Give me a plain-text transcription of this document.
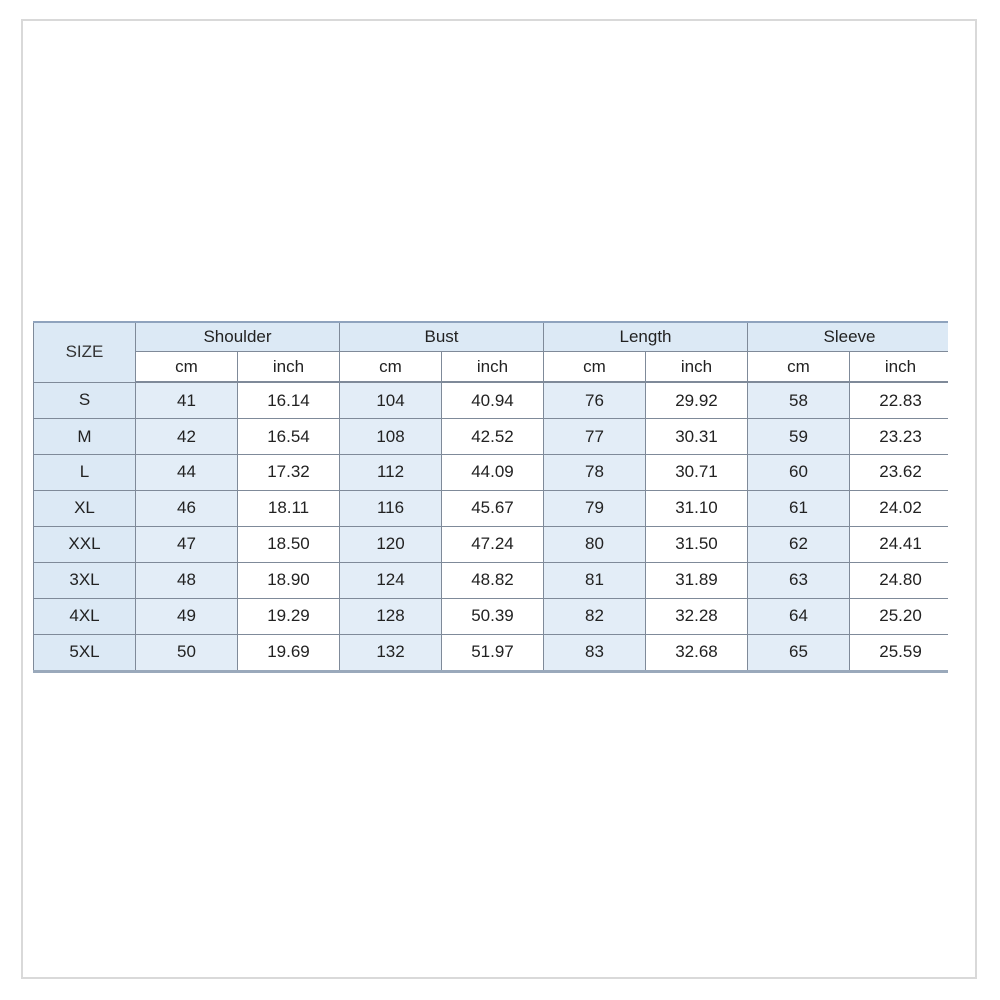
SIZE	Shoulder		Bust		Length		Sleeve	
	cm	inch	cm	inch	cm	inch	cm	inch
S	41	16.14	104	40.94	76	29.92	58	22.83
M	42	16.54	108	42.52	77	30.31	59	23.23
L	44	17.32	112	44.09	78	30.71	60	23.62
XL	46	18.11	116	45.67	79	31.10	61	24.02
XXL	47	18.50	120	47.24	80	31.50	62	24.41
3XL	48	18.90	124	48.82	81	31.89	63	24.80
4XL	49	19.29	128	50.39	82	32.28	64	25.20
5XL	50	19.69	132	51.97	83	32.68	65	25.59
